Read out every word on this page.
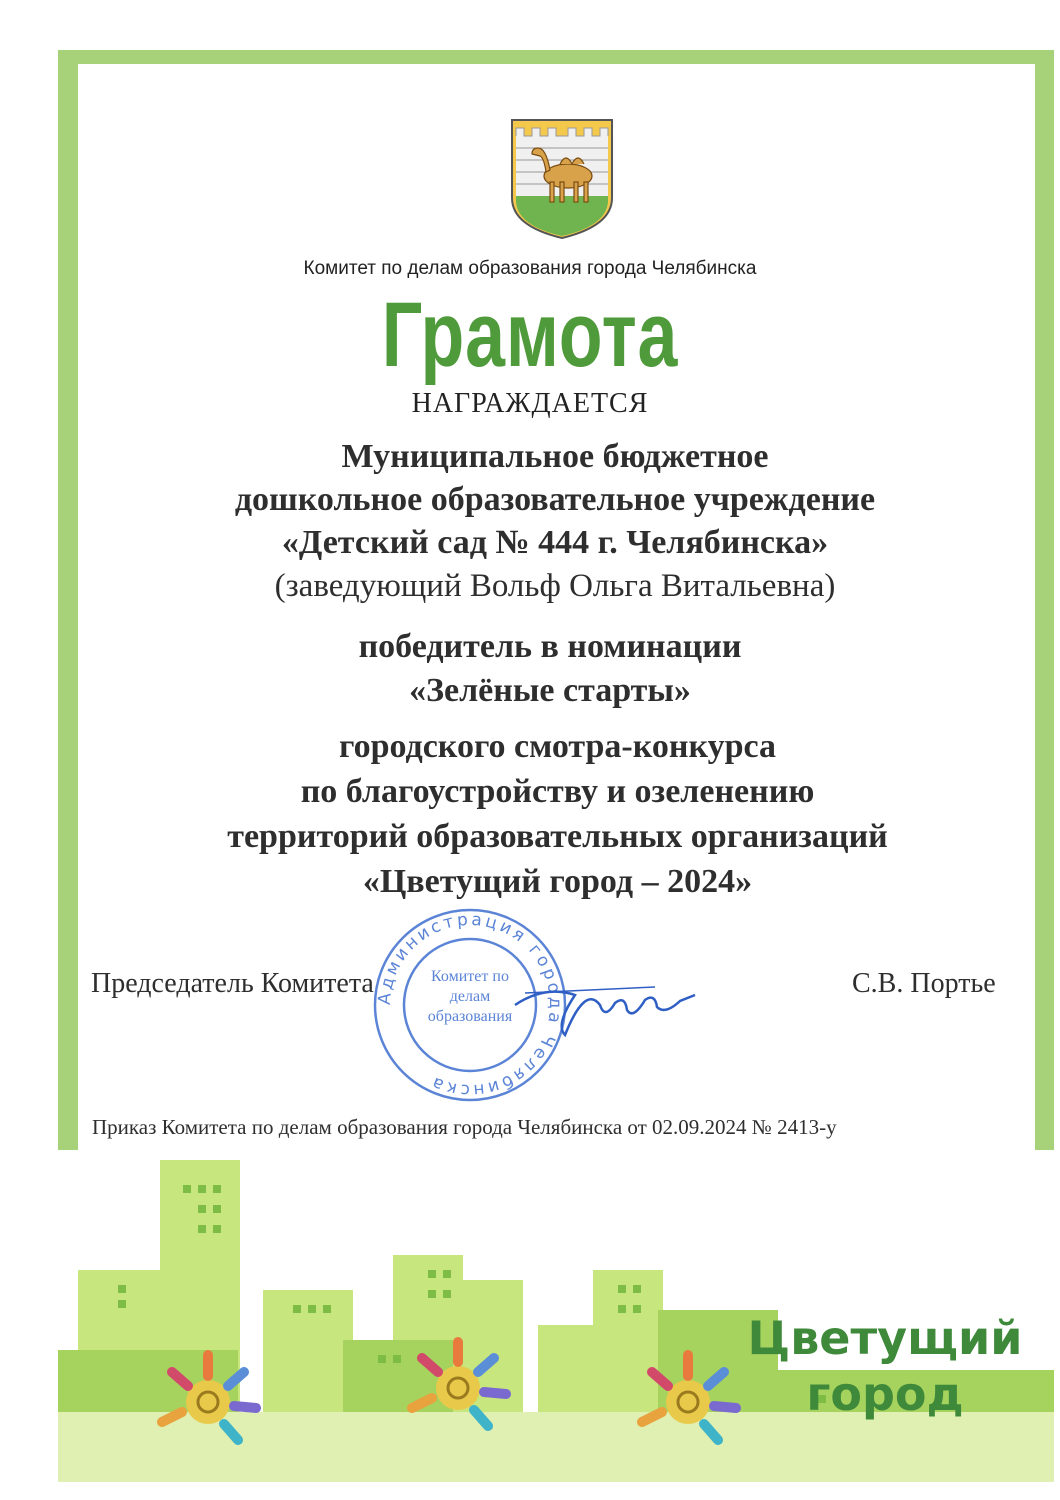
Комитет по делам образования города Челябинска
Грамота
НАГРАЖДАЕТСЯ
Муниципальное бюджетное
дошкольное образовательное учреждение
«Детский сад № 444 г. Челябинска»
(заведующий Вольф Ольга Витальевна)
победитель в номинации
«Зелёные старты»
городского смотра-конкурса
по благоустройству и озеленению
территорий образовательных организаций
«Цветущий город – 2024»
Администрация города Челябинска
Комитет по делам образования
Председатель Комитета	С.В. Портье
Приказ Комитета по делам образования города Челябинска от 02.09.2024 № 2413-у
Цветущий
город
